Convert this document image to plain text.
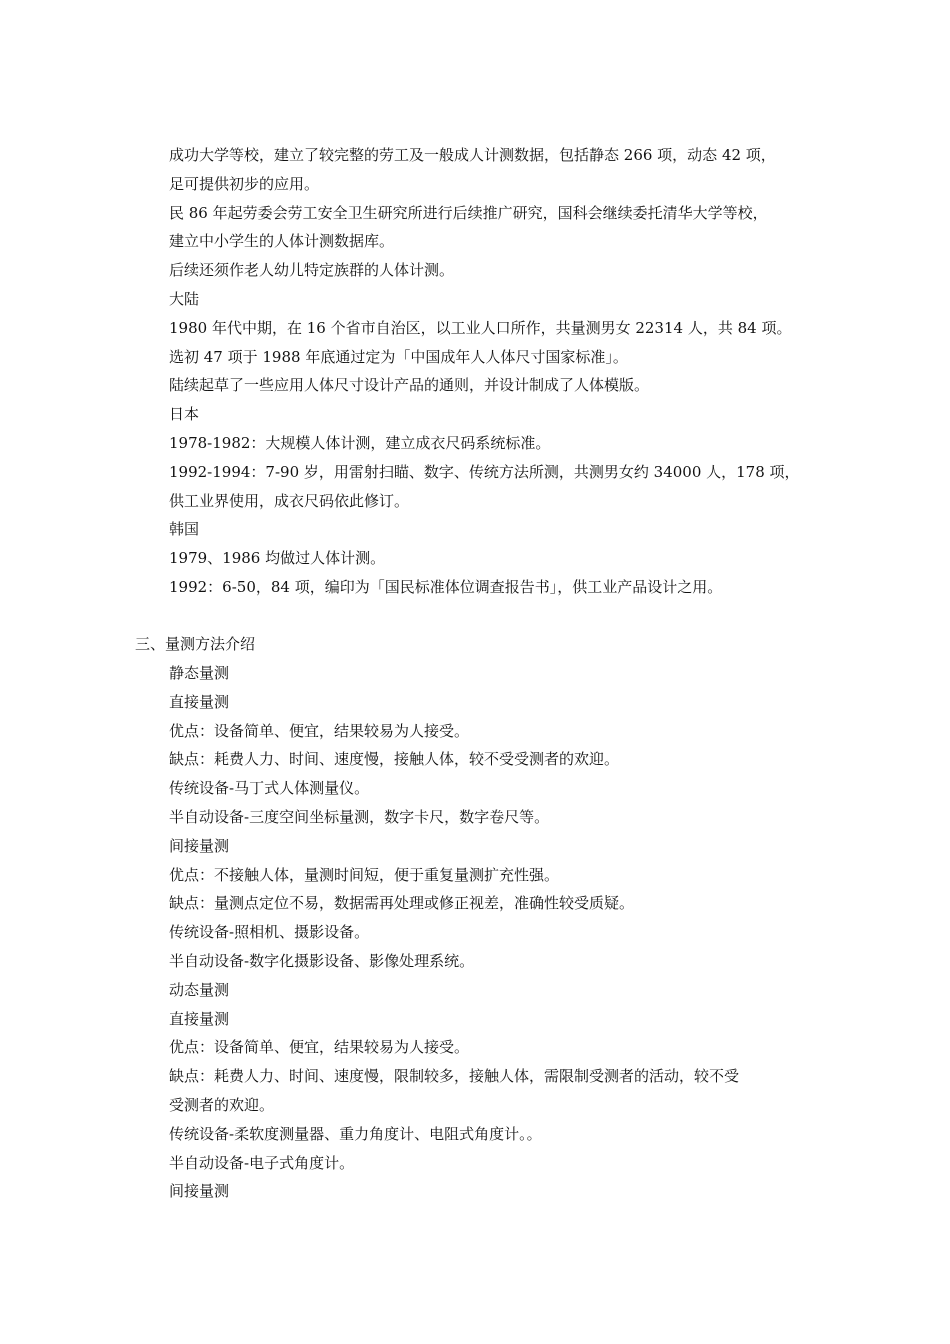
成功大学等校，建立了较完整的劳工及一般成人计测数据，包括静态 266 项，动态 42 项，
足可提供初步的应用。
民 86 年起劳委会劳工安全卫生研究所进行后续推广研究，国科会继续委托清华大学等校，
建立中小学生的人体计测数据库。
后续还须作老人幼儿特定族群的人体计测。
大陆
1980 年代中期，在 16 个省市自治区，以工业人口所作，共量测男女 22314 人，共 84 项。
选初 47 项于 1988 年底通过定为「中国成年人人体尺寸国家标准」。
陆续起草了一些应用人体尺寸设计产品的通则，并设计制成了人体模版。
日本
1978-1982：大规模人体计测，建立成衣尺码系统标准。
1992-1994：7-90 岁，用雷射扫瞄、数字、传统方法所测，共测男女约 34000 人，178 项，
供工业界使用，成衣尺码依此修订。
韩国
1979、1986 均做过人体计测。
1992：6-50，84 项，编印为「国民标准体位调查报告书」，供工业产品设计之用。
三、量测方法介绍
静态量测
直接量测
优点：设备简单、便宜，结果较易为人接受。
缺点：耗费人力、时间、速度慢，接触人体，较不受受测者的欢迎。
传统设备-马丁式人体测量仪。
半自动设备-三度空间坐标量测，数字卡尺，数字卷尺等。
间接量测
优点：不接触人体，量测时间短，便于重复量测扩充性强。
缺点：量测点定位不易，数据需再处理或修正视差，准确性较受质疑。
传统设备-照相机、摄影设备。
半自动设备-数字化摄影设备、影像处理系统。
动态量测
直接量测
优点：设备简单、便宜，结果较易为人接受。
缺点：耗费人力、时间、速度慢，限制较多，接触人体，需限制受测者的活动，较不受
受测者的欢迎。
传统设备-柔软度测量器、重力角度计、电阻式角度计。。
半自动设备-电子式角度计。
间接量测
